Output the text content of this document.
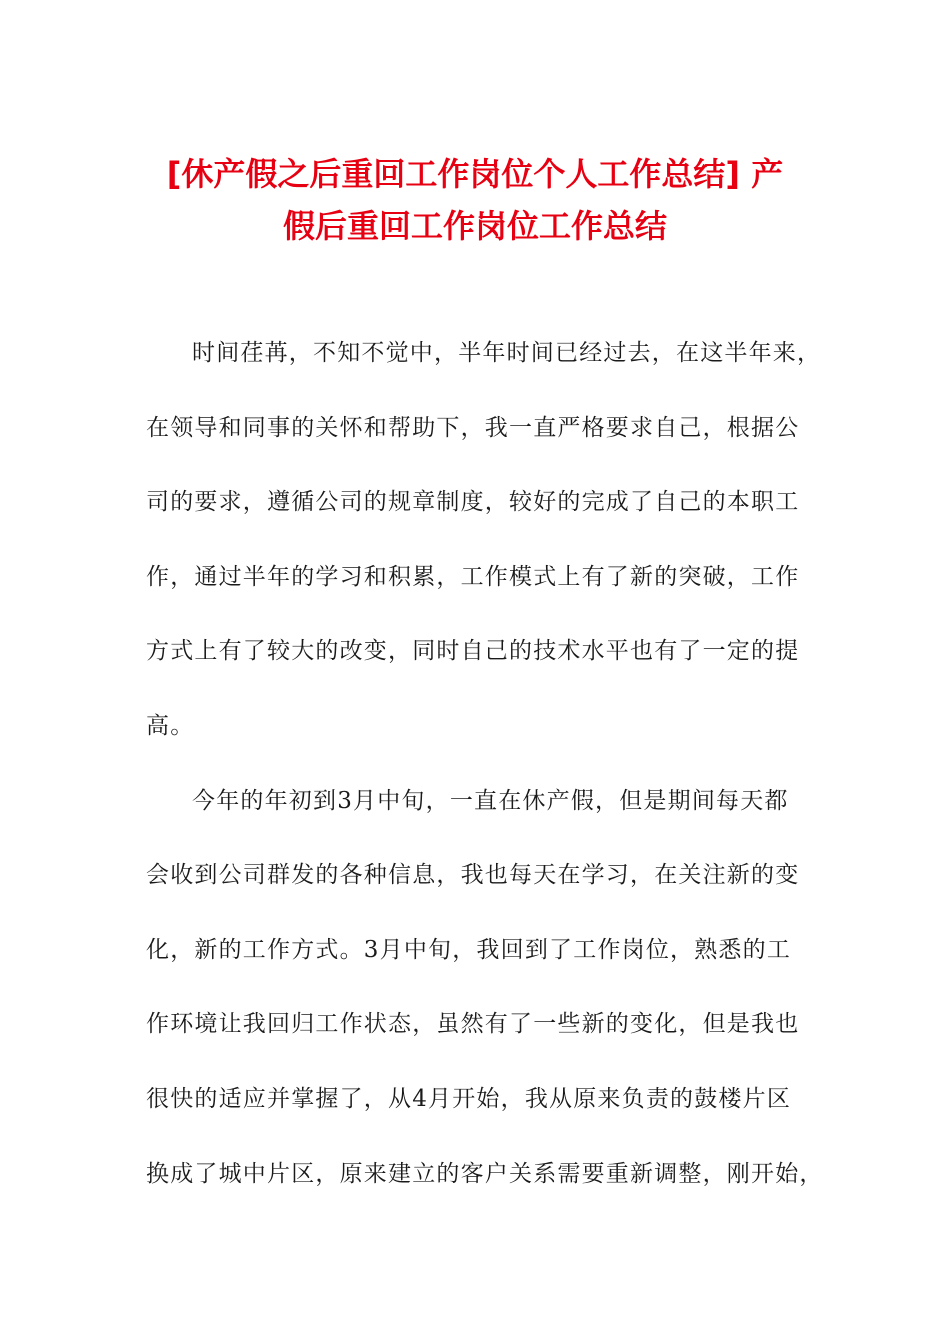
[休产假之后重回工作岗位个人工作总结] 产
假后重回工作岗位工作总结
时间荏苒，不知不觉中，半年时间已经过去，在这半年来，
在领导和同事的关怀和帮助下，我一直严格要求自己，根据公
司的要求，遵循公司的规章制度，较好的完成了自己的本职工
作，通过半年的学习和积累，工作模式上有了新的突破，工作
方式上有了较大的改变，同时自己的技术水平也有了一定的提
高。
今年的年初到3月中旬，一直在休产假，但是期间每天都
会收到公司群发的各种信息，我也每天在学习，在关注新的变
化，新的工作方式。3月中旬，我回到了工作岗位，熟悉的工
作环境让我回归工作状态，虽然有了一些新的变化，但是我也
很快的适应并掌握了，从4月开始，我从原来负责的鼓楼片区
换成了城中片区，原来建立的客户关系需要重新调整，刚开始，
